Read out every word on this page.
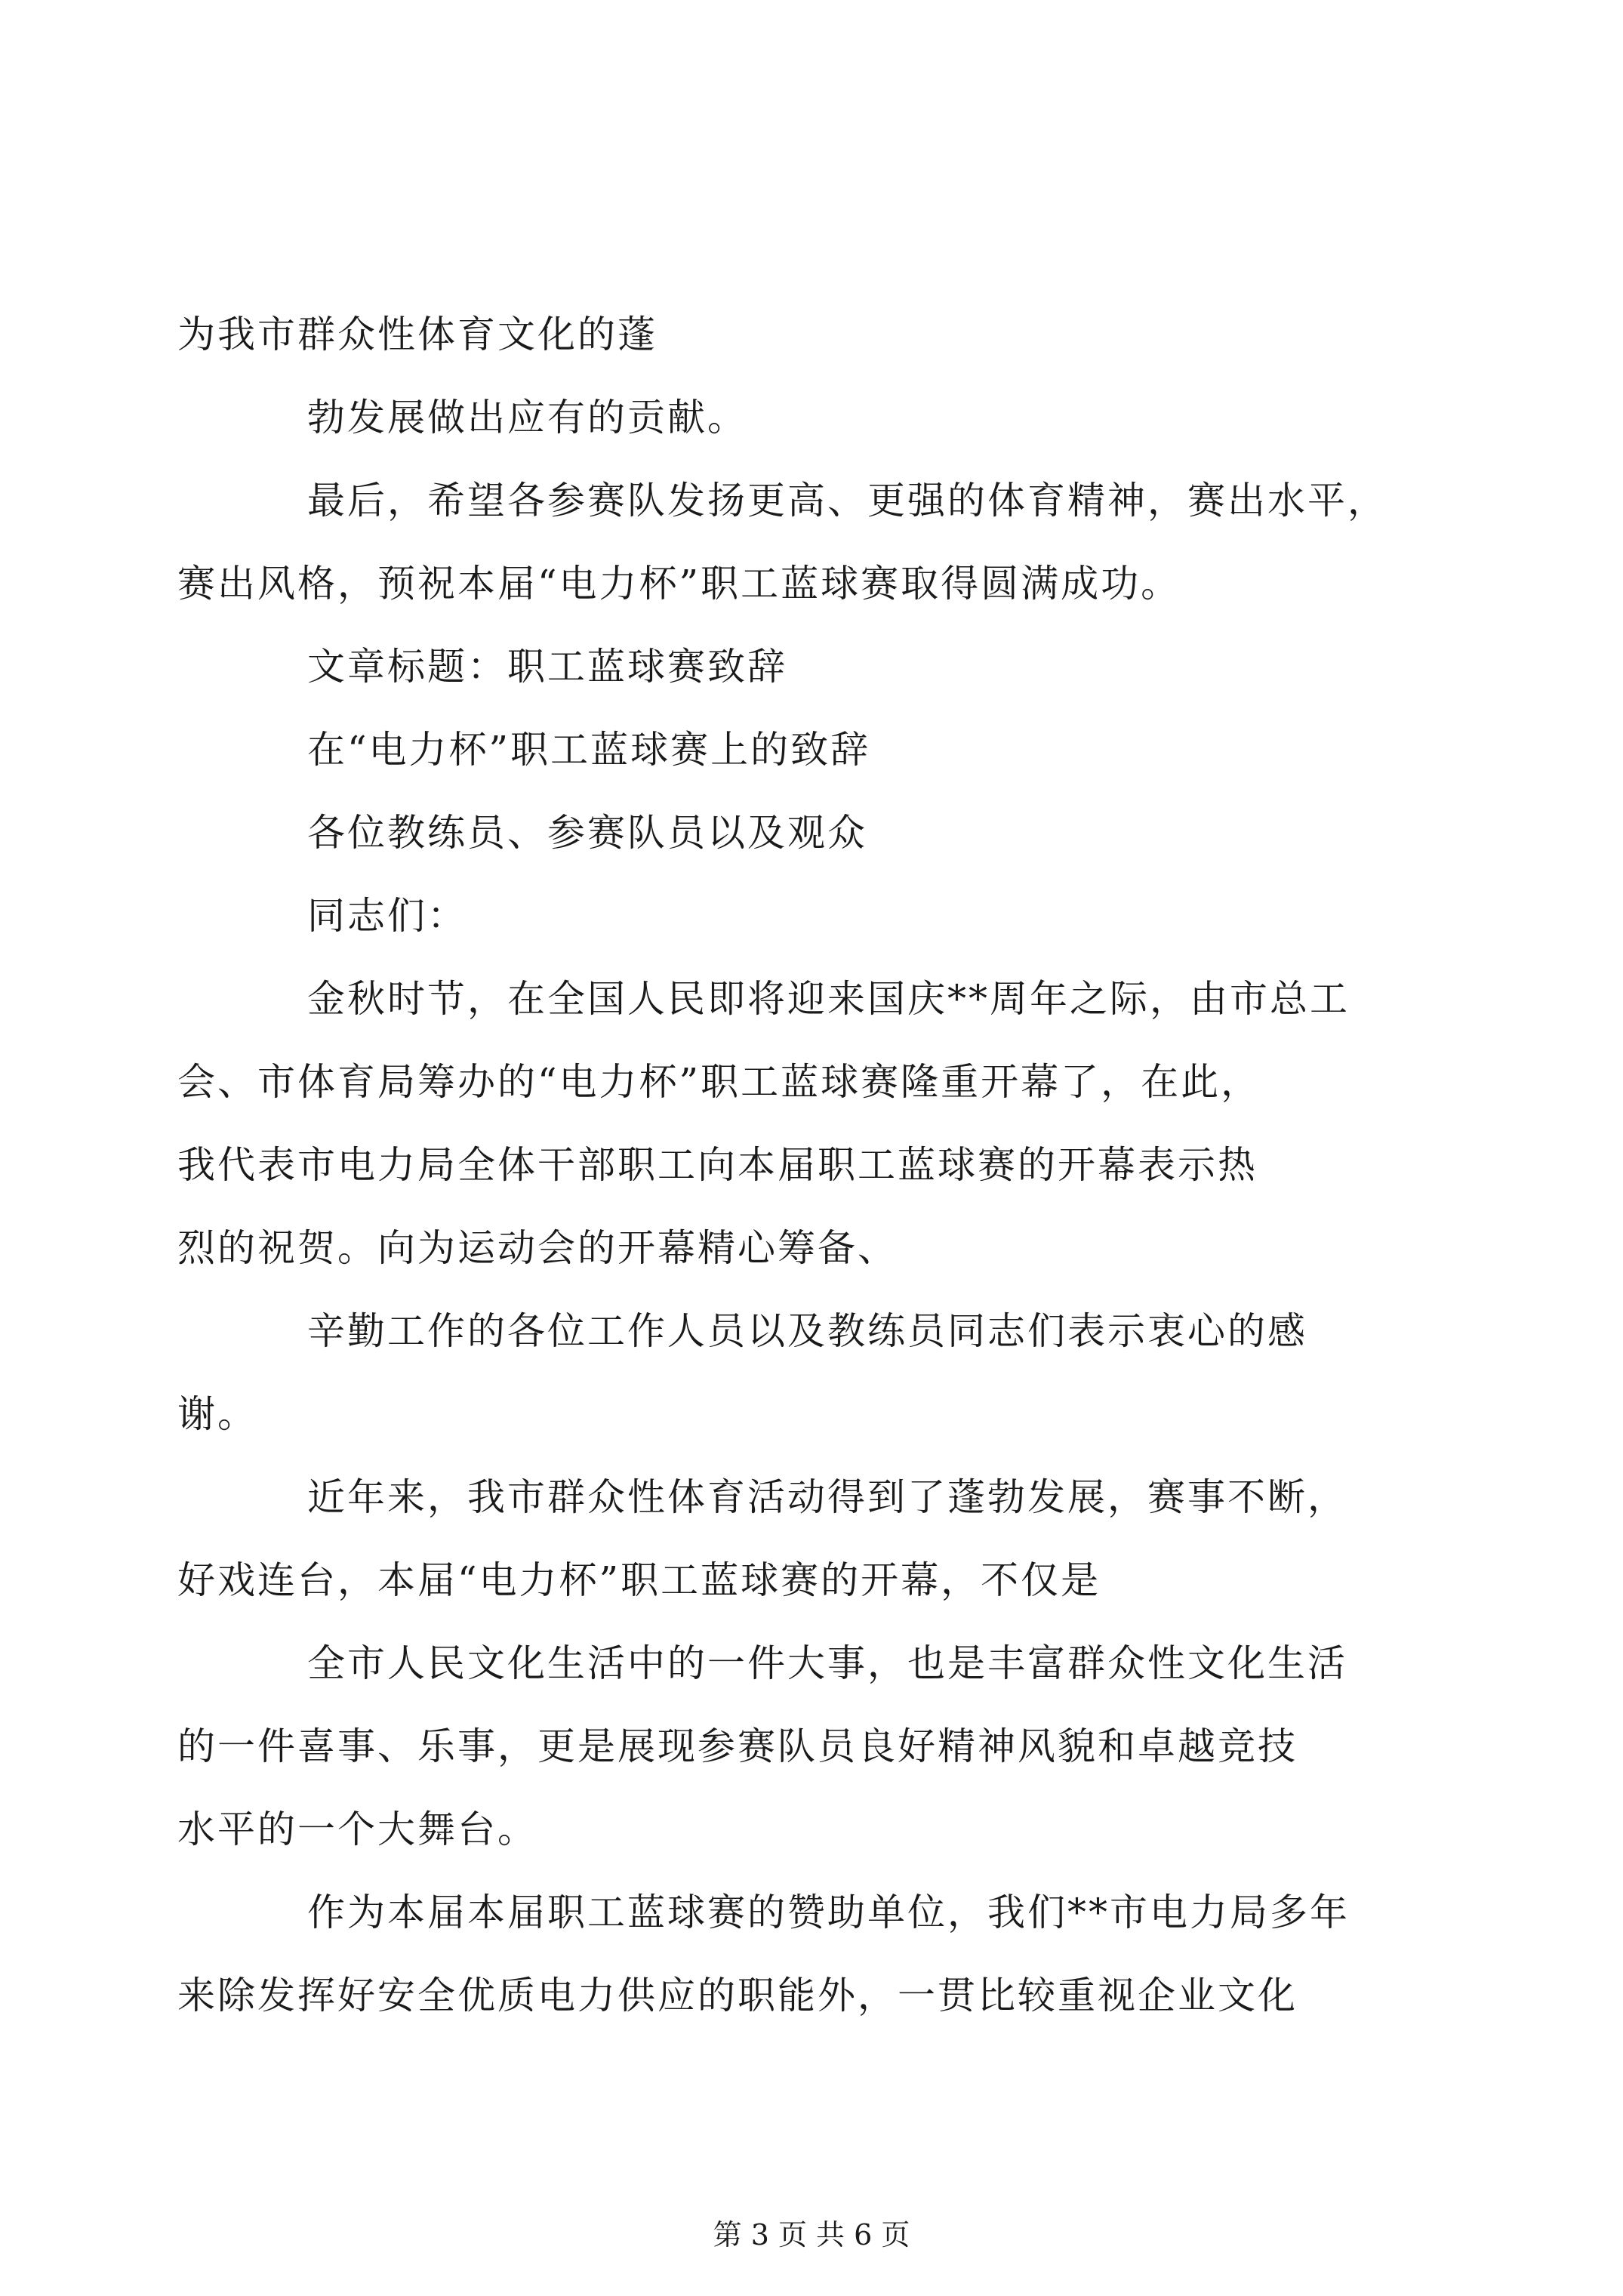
为我市群众性体育文化的蓬
勃发展做出应有的贡献。
最后，希望各参赛队发扬更高、更强的体育精神，赛出水平，
赛出风格，预祝本届“电力杯”职工蓝球赛取得圆满成功。
文章标题：职工蓝球赛致辞
在“电力杯”职工蓝球赛上的致辞
各位教练员、参赛队员以及观众
同志们：
金秋时节，在全国人民即将迎来国庆**周年之际，由市总工
会、市体育局筹办的“电力杯”职工蓝球赛隆重开幕了，在此，
我代表市电力局全体干部职工向本届职工蓝球赛的开幕表示热
烈的祝贺。向为运动会的开幕精心筹备、
辛勤工作的各位工作人员以及教练员同志们表示衷心的感
谢。
近年来，我市群众性体育活动得到了蓬勃发展，赛事不断，
好戏连台，本届“电力杯”职工蓝球赛的开幕，不仅是
全市人民文化生活中的一件大事，也是丰富群众性文化生活
的一件喜事、乐事，更是展现参赛队员良好精神风貌和卓越竞技
水平的一个大舞台。
作为本届本届职工蓝球赛的赞助单位，我们**市电力局多年
来除发挥好安全优质电力供应的职能外，一贯比较重视企业文化
第 3 页 共 6 页
